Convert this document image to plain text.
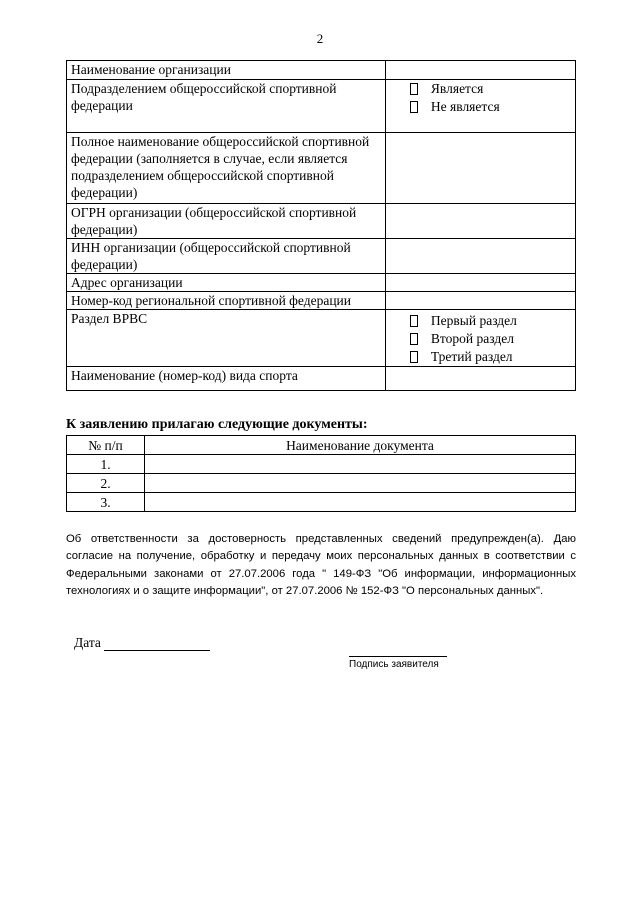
2
Наименование организации	
Подразделением общероссийской спортивной федерации	Является
Не является

Полное наименование общероссийской спортивной федерации (заполняется в случае, если является подразделением общероссийской спортивной федерации)	
ОГРН организации (общероссийской спортивной федерации)	
ИНН организации (общероссийской спортивной федерации)	
Адрес организации	
Номер-код региональной спортивной федерации	
Раздел ВРВС	Первый раздел
Второй раздел
Третий раздел

Наименование (номер-код) вида спорта	
К заявлению прилагаю следующие документы:
№ п/п	Наименование документа
1.	
2.	
3.	
Об ответственности за достоверность представленных сведений предупрежден(а). Даю согласие на получение, обработку и передачу моих персональных данных в соответствии с Федеральными законами от 27.07.2006 года " 149-ФЗ "Об информации, информационных технологиях и о защите информации", от 27.07.2006 № 152-ФЗ "О персональных данных".
Дата
Подпись заявителя
